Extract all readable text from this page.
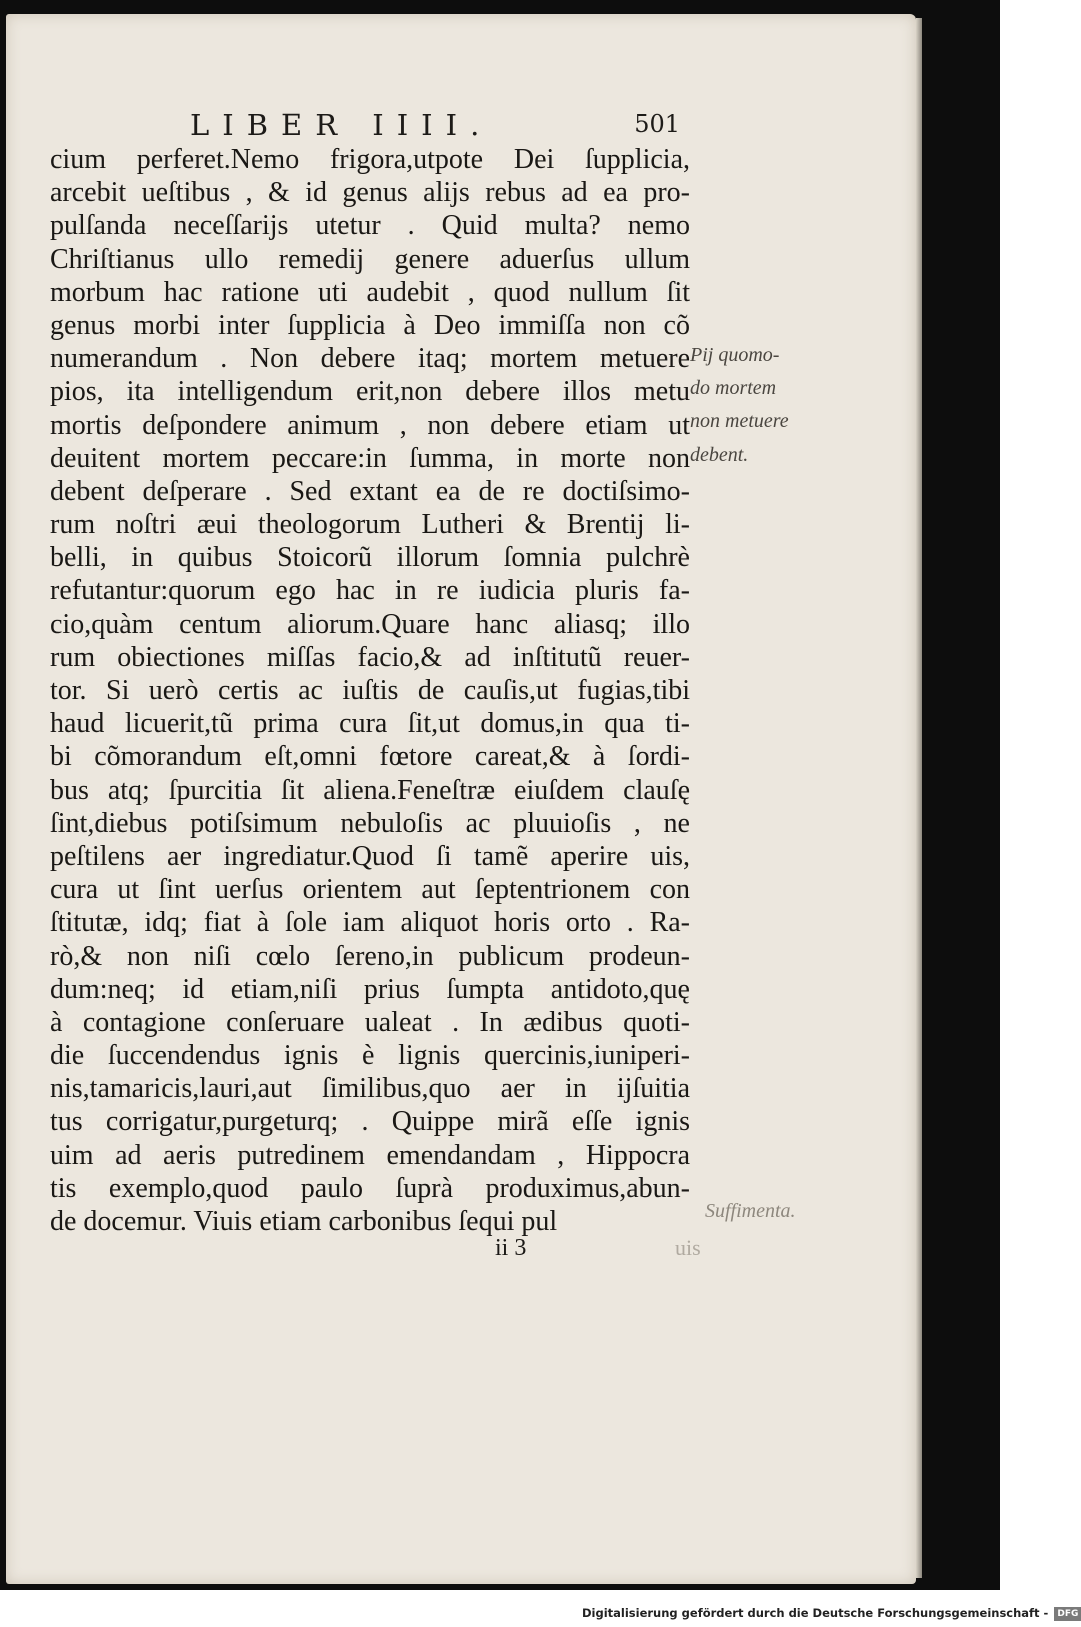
LIBER IIII.	501
cium perferet.Nemo frigora,utpote Dei ſupplicia,
arcebit ueſtibus , & id genus alijs rebus ad ea pro-
pulſanda neceſſarijs utetur . Quid multa? nemo
Chriſtianus ullo remedij genere aduerſus ullum
morbum hac ratione uti audebit , quod nullum ſit
genus morbi inter ſupplicia à Deo immiſſa non cõ
numerandum . Non debere itaq; mortem metuere
pios, ita intelligendum erit,non debere illos metu
mortis deſpondere animum , non debere etiam ut
deuitent mortem peccare:in ſumma, in morte non
debent deſperare . Sed extant ea de re doctiſsimo-
rum noſtri æui theologorum Lutheri & Brentij li-
belli, in quibus Stoicorũ illorum ſomnia pulchrè
refutantur:quorum ego hac in re iudicia pluris fa-
cio,quàm centum aliorum.Quare hanc aliasq; illo
rum obiectiones miſſas facio,& ad inſtitutũ reuer-
tor. Si uerò certis ac iuſtis de cauſis,ut fugias,tibi
haud licuerit,tũ prima cura ſit,ut domus,in qua ti-
bi cõmorandum eſt,omni fœtore careat,& à ſordi-
bus atq; ſpurcitia ſit aliena.Feneſtræ eiuſdem clauſę
ſint,diebus potiſsimum nebuloſis ac pluuioſis , ne
peſtilens aer ingrediatur.Quod ſi tamẽ aperire uis,
cura ut ſint uerſus orientem aut ſeptentrionem con
ſtitutæ, idq; fiat à ſole iam aliquot horis orto . Ra-
rò,& non niſi cœlo ſereno,in publicum prodeun-
dum:neq; id etiam,niſi prius ſumpta antidoto,quę
à contagione conſeruare ualeat . In ædibus quoti-
die ſuccendendus ignis è lignis quercinis,iuniperi-
nis,tamaricis,lauri,aut ſimilibus,quo aer in ijſuitia
tus corrigatur,purgeturq; . Quippe mirã eſſe ignis
uim ad aeris putredinem emendandam , Hippocra
tis exemplo,quod paulo ſuprà produximus,abun-
de docemur. Viuis etiam carbonibus ſequi pul
Pij quomo-
do mortem
non metuere
debent.
Suffimenta.
ii 3	uis
Digitalisierung gefördert durch die Deutsche Forschungsgemeinschaft - DFG
